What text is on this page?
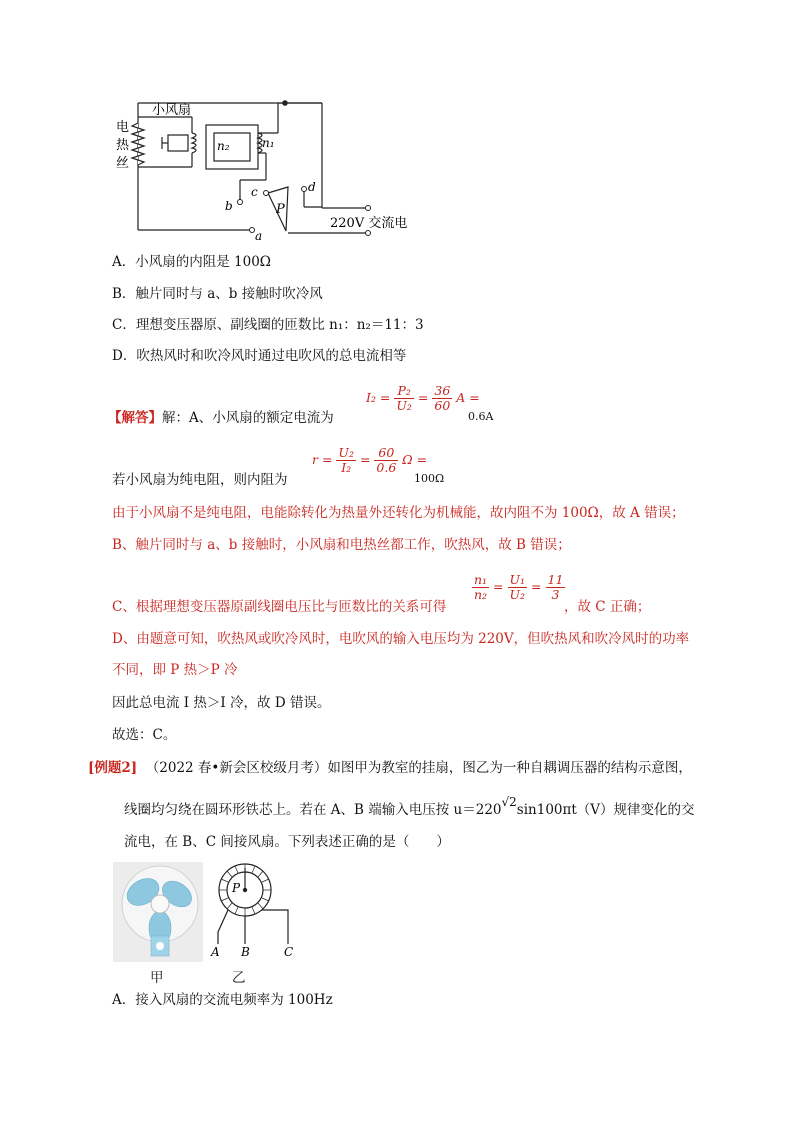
电
热
丝
小风扇
n₂	n₁
a
b
c	d
P
220V 交流电
A．小风扇的内阻是 100Ω
B．触片同时与 a、b 接触时吹冷风
C．理想变压器原、副线圈的匝数比 n₁：n₂＝11：3
D．吹热风时和吹冷风时通过电吹风的总电流相等
【解答】解：A、小风扇的额定电流为
$I_2 = \frac{\text{P₂}}{\text{U₂}} = \frac{36}{60}$ A =
0.6A
若小风扇为纯电阻，则内阻为
$r = \frac{\text{U₂}}{\text{I₂}} = \frac{60}{0.6}$ Ω =
100Ω
由于小风扇不是纯电阻，电能除转化为热量外还转化为机械能，故内阻不为 100Ω，故 A 错误；
B、触片同时与 a、b 接触时，小风扇和电热丝都工作，吹热风，故 B 错误；
C、根据理想变压器原副线圈电压比与匝数比的关系可得
$\frac{\text{n₁}}{\text{n₂}} = \frac{\text{U₁}}{\text{U₂}} = \frac{11}{3}$
，故 C 正确；
D、由题意可知，吹热风或吹冷风时，电吹风的输入电压均为 220V，但吹热风和吹冷风时的功率
不同，即 P 热＞P 冷
因此总电流 I 热＞I 冷，故 D 错误。
故选：C。
[例题2] （2022 春•新会区校级月考）如图甲为教室的挂扇，图乙为一种自耦调压器的结构示意图，
线圈均匀绕在圆环形铁芯上。若在 A、B 端输入电压按 u＝220√2sin100πt（V）规律变化的交
流电，在 B、C 间接风扇。下列表述正确的是（　　）
甲
P
A B	C
乙
A．接入风扇的交流电频率为 100Hz
